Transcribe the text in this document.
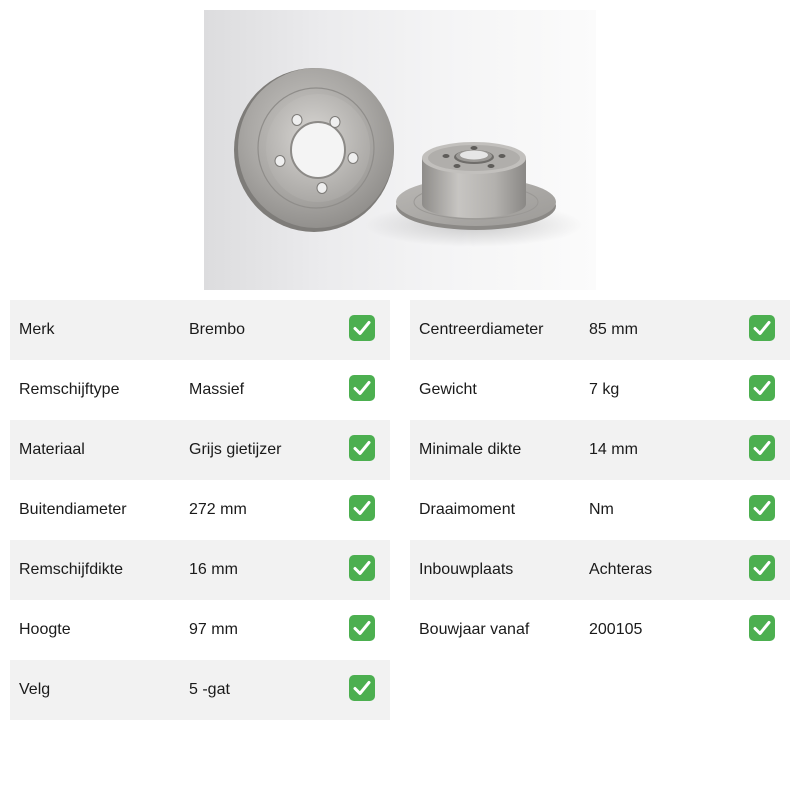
Merk	Brembo
Remschijftype	Massief
Materiaal	Grijs gietijzer
Buitendiameter	272 mm
Remschijfdikte	16 mm
Hoogte	97 mm
Velg	5 -gat
Centreerdiameter	85 mm
Gewicht	7 kg
Minimale dikte	14 mm
Draaimoment	Nm
Inbouwplaats	Achteras
Bouwjaar vanaf	200105
